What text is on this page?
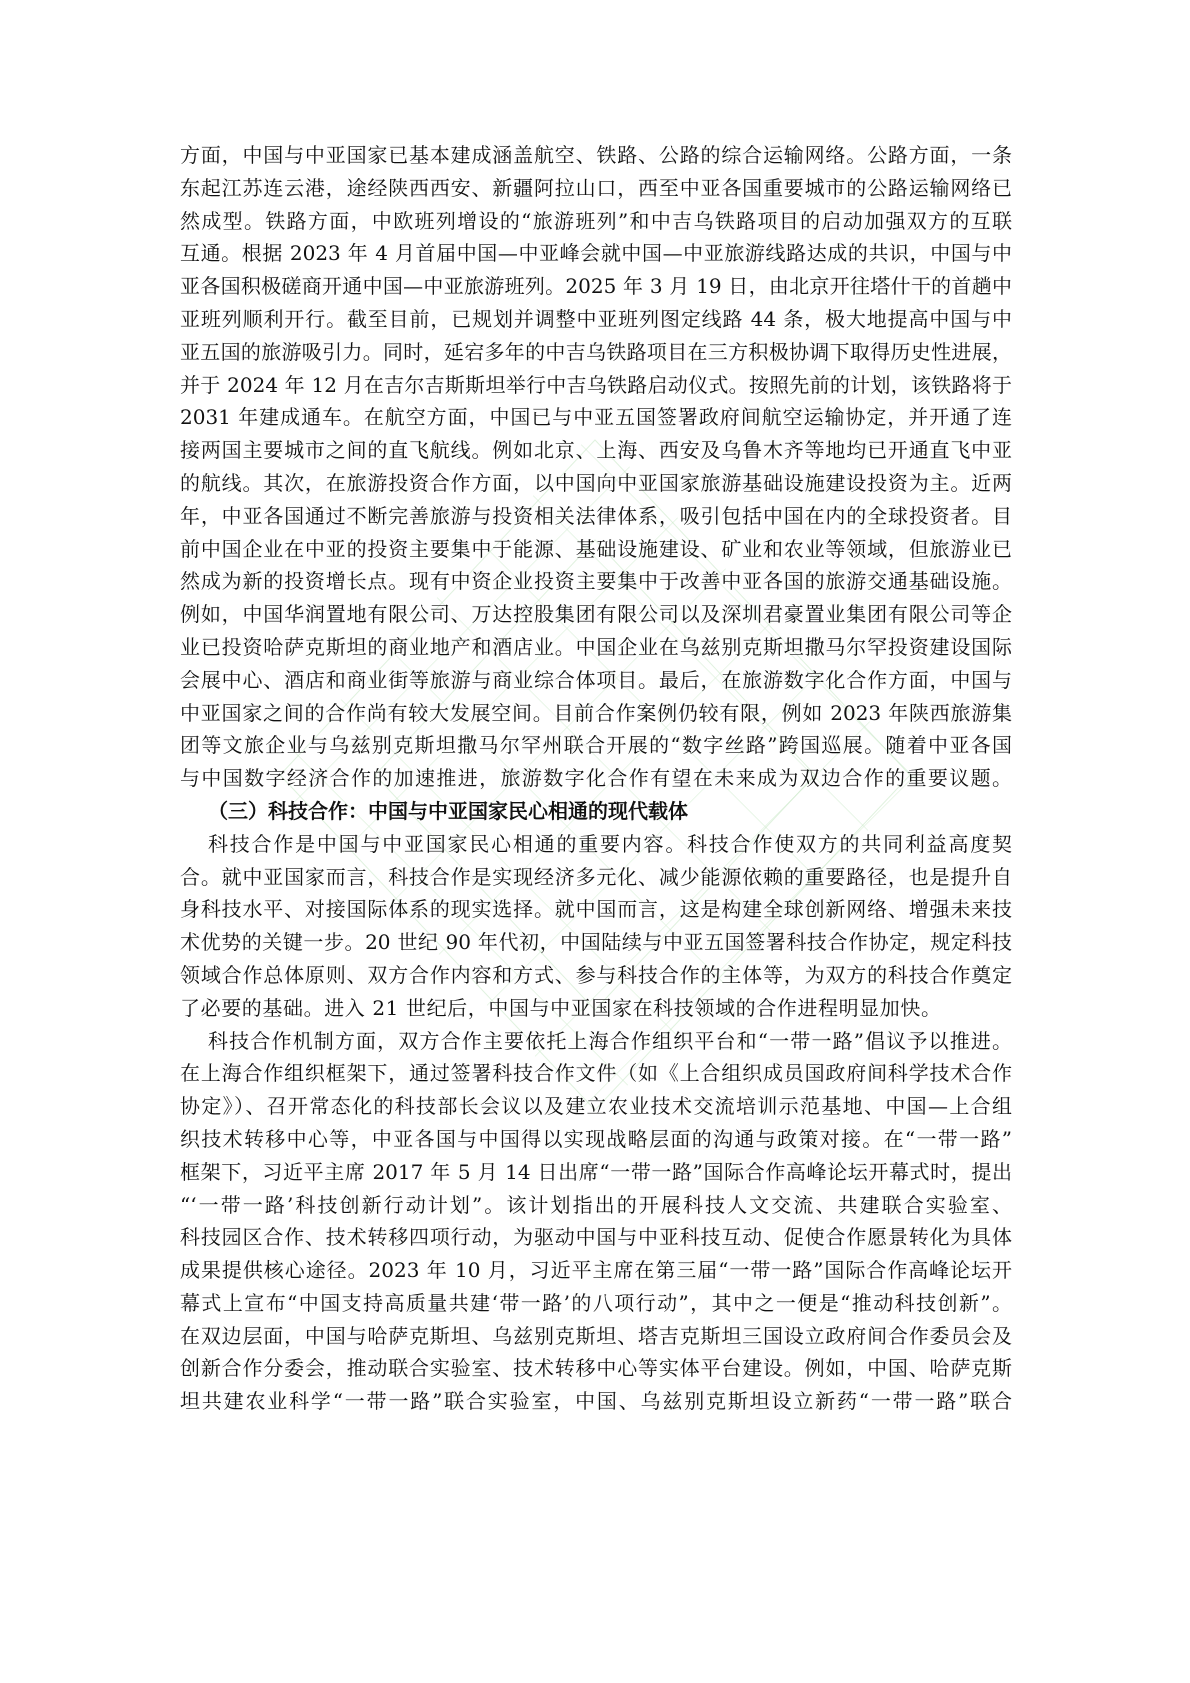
方面，中国与中亚国家已基本建成涵盖航空、铁路、公路的综合运输网络。公路方面，一条
东起江苏连云港，途经陕西西安、新疆阿拉山口，西至中亚各国重要城市的公路运输网络已
然成型。铁路方面，中欧班列增设的“旅游班列”和中吉乌铁路项目的启动加强双方的互联
互通。根据 2023 年 4 月首届中国—中亚峰会就中国—中亚旅游线路达成的共识，中国与中
亚各国积极磋商开通中国—中亚旅游班列。2025 年 3 月 19 日，由北京开往塔什干的首趟中
亚班列顺利开行。截至目前，已规划并调整中亚班列图定线路 44 条，极大地提高中国与中
亚五国的旅游吸引力。同时，延宕多年的中吉乌铁路项目在三方积极协调下取得历史性进展，
并于 2024 年 12 月在吉尔吉斯斯坦举行中吉乌铁路启动仪式。按照先前的计划，该铁路将于
2031 年建成通车。在航空方面，中国已与中亚五国签署政府间航空运输协定，并开通了连
接两国主要城市之间的直飞航线。例如北京、上海、西安及乌鲁木齐等地均已开通直飞中亚
的航线。其次，在旅游投资合作方面，以中国向中亚国家旅游基础设施建设投资为主。近两
年，中亚各国通过不断完善旅游与投资相关法律体系，吸引包括中国在内的全球投资者。目
前中国企业在中亚的投资主要集中于能源、基础设施建设、矿业和农业等领域，但旅游业已
然成为新的投资增长点。现有中资企业投资主要集中于改善中亚各国的旅游交通基础设施。
例如，中国华润置地有限公司、万达控股集团有限公司以及深圳君豪置业集团有限公司等企
业已投资哈萨克斯坦的商业地产和酒店业。中国企业在乌兹别克斯坦撒马尔罕投资建设国际
会展中心、酒店和商业街等旅游与商业综合体项目。最后，在旅游数字化合作方面，中国与
中亚国家之间的合作尚有较大发展空间。目前合作案例仍较有限，例如 2023 年陕西旅游集
团等文旅企业与乌兹别克斯坦撒马尔罕州联合开展的“数字丝路”跨国巡展。随着中亚各国
与中国数字经济合作的加速推进，旅游数字化合作有望在未来成为双边合作的重要议题。
（三）科技合作：中国与中亚国家民心相通的现代载体
科技合作是中国与中亚国家民心相通的重要内容。科技合作使双方的共同利益高度契
合。就中亚国家而言，科技合作是实现经济多元化、减少能源依赖的重要路径，也是提升自
身科技水平、对接国际体系的现实选择。就中国而言，这是构建全球创新网络、增强未来技
术优势的关键一步。20 世纪 90 年代初，中国陆续与中亚五国签署科技合作协定，规定科技
领域合作总体原则、双方合作内容和方式、参与科技合作的主体等，为双方的科技合作奠定
了必要的基础。进入 21 世纪后，中国与中亚国家在科技领域的合作进程明显加快。
科技合作机制方面，双方合作主要依托上海合作组织平台和“一带一路”倡议予以推进。
在上海合作组织框架下，通过签署科技合作文件（如《上合组织成员国政府间科学技术合作
协定》）、召开常态化的科技部长会议以及建立农业技术交流培训示范基地、中国—上合组
织技术转移中心等，中亚各国与中国得以实现战略层面的沟通与政策对接。在“一带一路”
框架下，习近平主席 2017 年 5 月 14 日出席“一带一路”国际合作高峰论坛开幕式时，提出
“‘一带一路’科技创新行动计划”。该计划指出的开展科技人文交流、共建联合实验室、
科技园区合作、技术转移四项行动，为驱动中国与中亚科技互动、促使合作愿景转化为具体
成果提供核心途径。2023 年 10 月，习近平主席在第三届“一带一路”国际合作高峰论坛开
幕式上宣布“中国支持高质量共建‘带一路’的八项行动”，其中之一便是“推动科技创新”。
在双边层面，中国与哈萨克斯坦、乌兹别克斯坦、塔吉克斯坦三国设立政府间合作委员会及
创新合作分委会，推动联合实验室、技术转移中心等实体平台建设。例如，中国、哈萨克斯
坦共建农业科学“一带一路”联合实验室，中国、乌兹别克斯坦设立新药“一带一路”联合
